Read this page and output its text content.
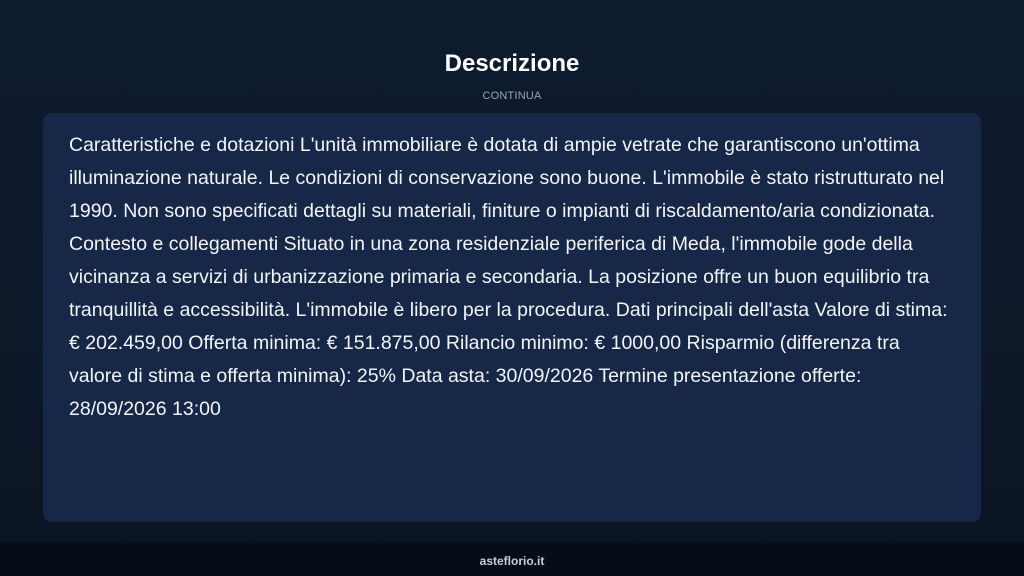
Descrizione
CONTINUA

Caratteristiche e dotazioni L'unità immobiliare è dotata di ampie vetrate che garantiscono un'ottima illuminazione naturale. Le condizioni di conservazione sono buone. L'immobile è stato ristrutturato nel 1990. Non sono specificati dettagli su materiali, finiture o impianti di riscaldamento/aria condizionata. Contesto e collegamenti Situato in una zona residenziale periferica di Meda, l'immobile gode della vicinanza a servizi di urbanizzazione primaria e secondaria. La posizione offre un buon equilibrio tra tranquillità e accessibilità. L'immobile è libero per la procedura. Dati principali dell'asta Valore di stima: € 202.459,00 Offerta minima: € 151.875,00 Rilancio minimo: € 1000,00 Risparmio (differenza tra valore di stima e offerta minima): 25% Data asta: 30/09/2026 Termine presentazione offerte: 28/09/2026 13:00

asteflorio.it
